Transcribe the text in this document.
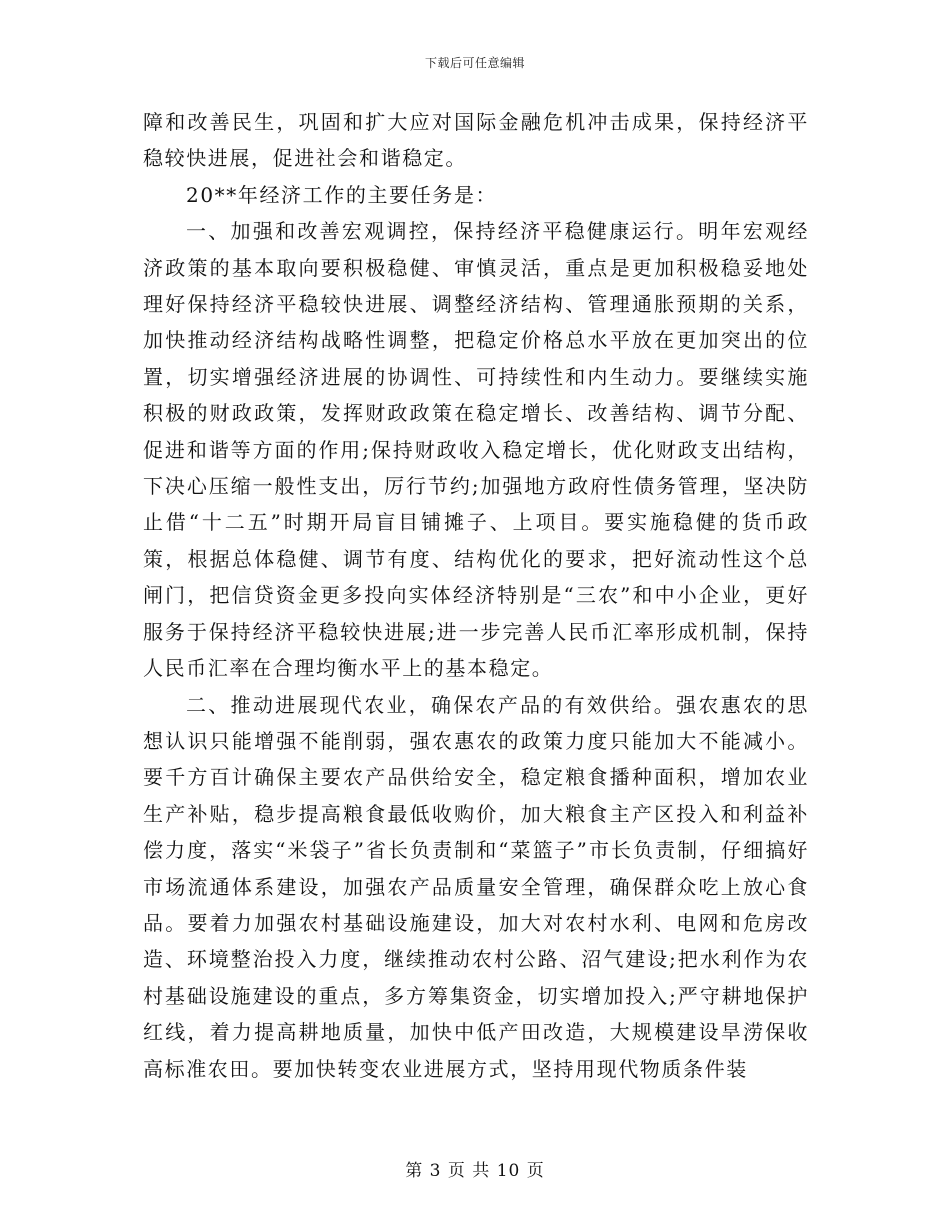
下载后可任意编辑

障和改善民生，巩固和扩大应对国际金融危机冲击成果，保持经济平稳较快进展，促进社会和谐稳定。

20**年经济工作的主要任务是：

一、加强和改善宏观调控，保持经济平稳健康运行。明年宏观经济政策的基本取向要积极稳健、审慎灵活，重点是更加积极稳妥地处理好保持经济平稳较快进展、调整经济结构、管理通胀预期的关系，加快推动经济结构战略性调整，把稳定价格总水平放在更加突出的位置，切实增强经济进展的协调性、可持续性和内生动力。要继续实施积极的财政政策，发挥财政政策在稳定增长、改善结构、调节分配、促进和谐等方面的作用;保持财政收入稳定增长，优化财政支出结构，下决心压缩一般性支出，厉行节约;加强地方政府性债务管理，坚决防止借“十二五”时期开局盲目铺摊子、上项目。要实施稳健的货币政策，根据总体稳健、调节有度、结构优化的要求，把好流动性这个总闸门，把信贷资金更多投向实体经济特别是“三农”和中小企业，更好服务于保持经济平稳较快进展;进一步完善人民币汇率形成机制，保持人民币汇率在合理均衡水平上的基本稳定。

二、推动进展现代农业，确保农产品的有效供给。强农惠农的思想认识只能增强不能削弱，强农惠农的政策力度只能加大不能减小。要千方百计确保主要农产品供给安全，稳定粮食播种面积，增加农业生产补贴，稳步提高粮食最低收购价，加大粮食主产区投入和利益补偿力度，落实“米袋子”省长负责制和“菜篮子”市长负责制，仔细搞好市场流通体系建设，加强农产品质量安全管理，确保群众吃上放心食品。要着力加强农村基础设施建设，加大对农村水利、电网和危房改造、环境整治投入力度，继续推动农村公路、沼气建设;把水利作为农村基础设施建设的重点，多方筹集资金，切实增加投入;严守耕地保护红线，着力提高耕地质量，加快中低产田改造，大规模建设旱涝保收高标准农田。要加快转变农业进展方式，坚持用现代物质条件装

第 3 页 共 10 页
